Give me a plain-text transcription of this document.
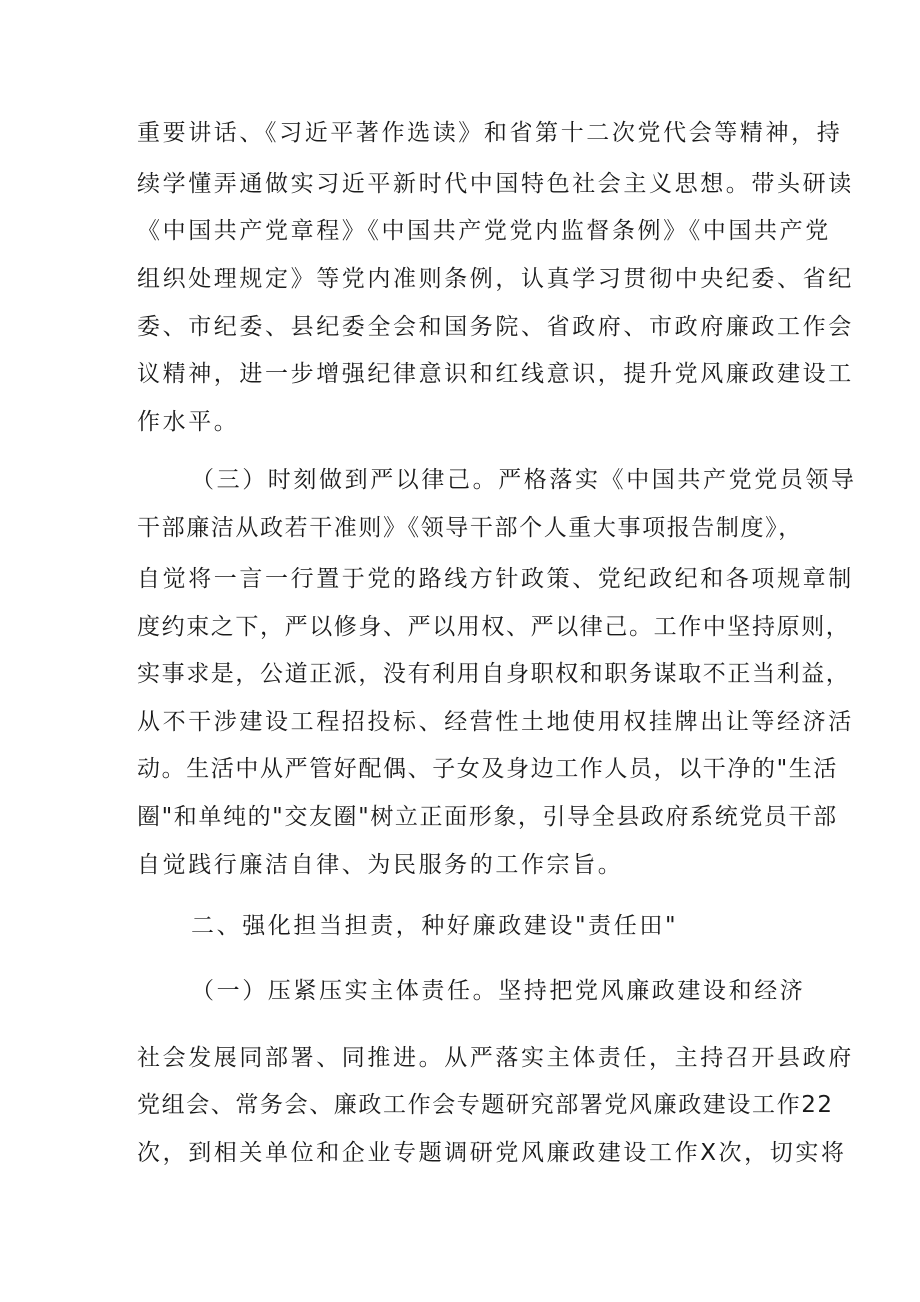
重要讲话、《习近平著作选读》和省第十二次党代会等精神，持
续学懂弄通做实习近平新时代中国特色社会主义思想。带头研读
《中国共产党章程》《中国共产党党内监督条例》《中国共产党
组织处理规定》等党内准则条例，认真学习贯彻中央纪委、省纪
委、市纪委、县纪委全会和国务院、省政府、市政府廉政工作会
议精神，进一步增强纪律意识和红线意识，提升党风廉政建设工
作水平。
（三）时刻做到严以律己。严格落实《中国共产党党员领导
干部廉洁从政若干准则》《领导干部个人重大事项报告制度》，
自觉将一言一行置于党的路线方针政策、党纪政纪和各项规章制
度约束之下，严以修身、严以用权、严以律己。工作中坚持原则，
实事求是，公道正派，没有利用自身职权和职务谋取不正当利益，
从不干涉建设工程招投标、经营性土地使用权挂牌出让等经济活
动。生活中从严管好配偶、子女及身边工作人员，以干净的"生活
圈"和单纯的"交友圈"树立正面形象，引导全县政府系统党员干部
自觉践行廉洁自律、为民服务的工作宗旨。
二、强化担当担责，种好廉政建设"责任田"
（一）压紧压实主体责任。坚持把党风廉政建设和经济
社会发展同部署、同推进。从严落实主体责任，主持召开县政府
党组会、常务会、廉政工作会专题研究部署党风廉政建设工作22
次，到相关单位和企业专题调研党风廉政建设工作X次，切实将
